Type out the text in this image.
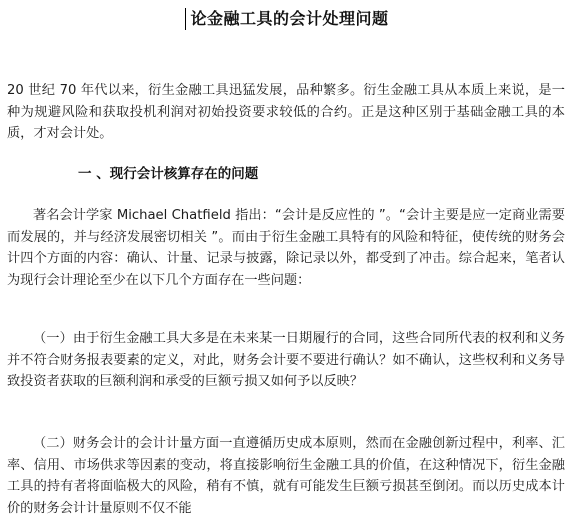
论金融工具的会计处理问题

20 世纪 70 年代以来，衍生金融工具迅猛发展，品种繁多。衍生金融工具从本质上来说，是一种为规避风险和获取投机利润对初始投资要求较低的合约。正是这种区别于基础金融工具的本质，才对会计处。

一 、现行会计核算存在的问题

著名会计学家 Michael Chatfield 指出：“会计是反应性的 ”。“会计主要是应一定商业需要而发展的，并与经济发展密切相关 ”。而由于衍生金融工具特有的风险和特征，使传统的财务会计四个方面的内容：确认、计量、记录与披露，除记录以外，都受到了冲击。综合起来，笔者认为现行会计理论至少在以下几个方面存在一些问题：

（一）由于衍生金融工具大多是在未来某一日期履行的合同，这些合同所代表的权利和义务并不符合财务报表要素的定义，对此，财务会计要不要进行确认？如不确认，这些权利和义务导致投资者获取的巨额利润和承受的巨额亏损又如何予以反映？

（二）财务会计的会计计量方面一直遵循历史成本原则，然而在金融创新过程中，利率、汇率、信用、市场供求等因素的变动，将直接影响衍生金融工具的价值，在这种情况下，衍生金融工具的持有者将面临极大的风险，稍有不慎，就有可能发生巨额亏损甚至倒闭。而以历史成本计价的财务会计计量原则不仅不能
